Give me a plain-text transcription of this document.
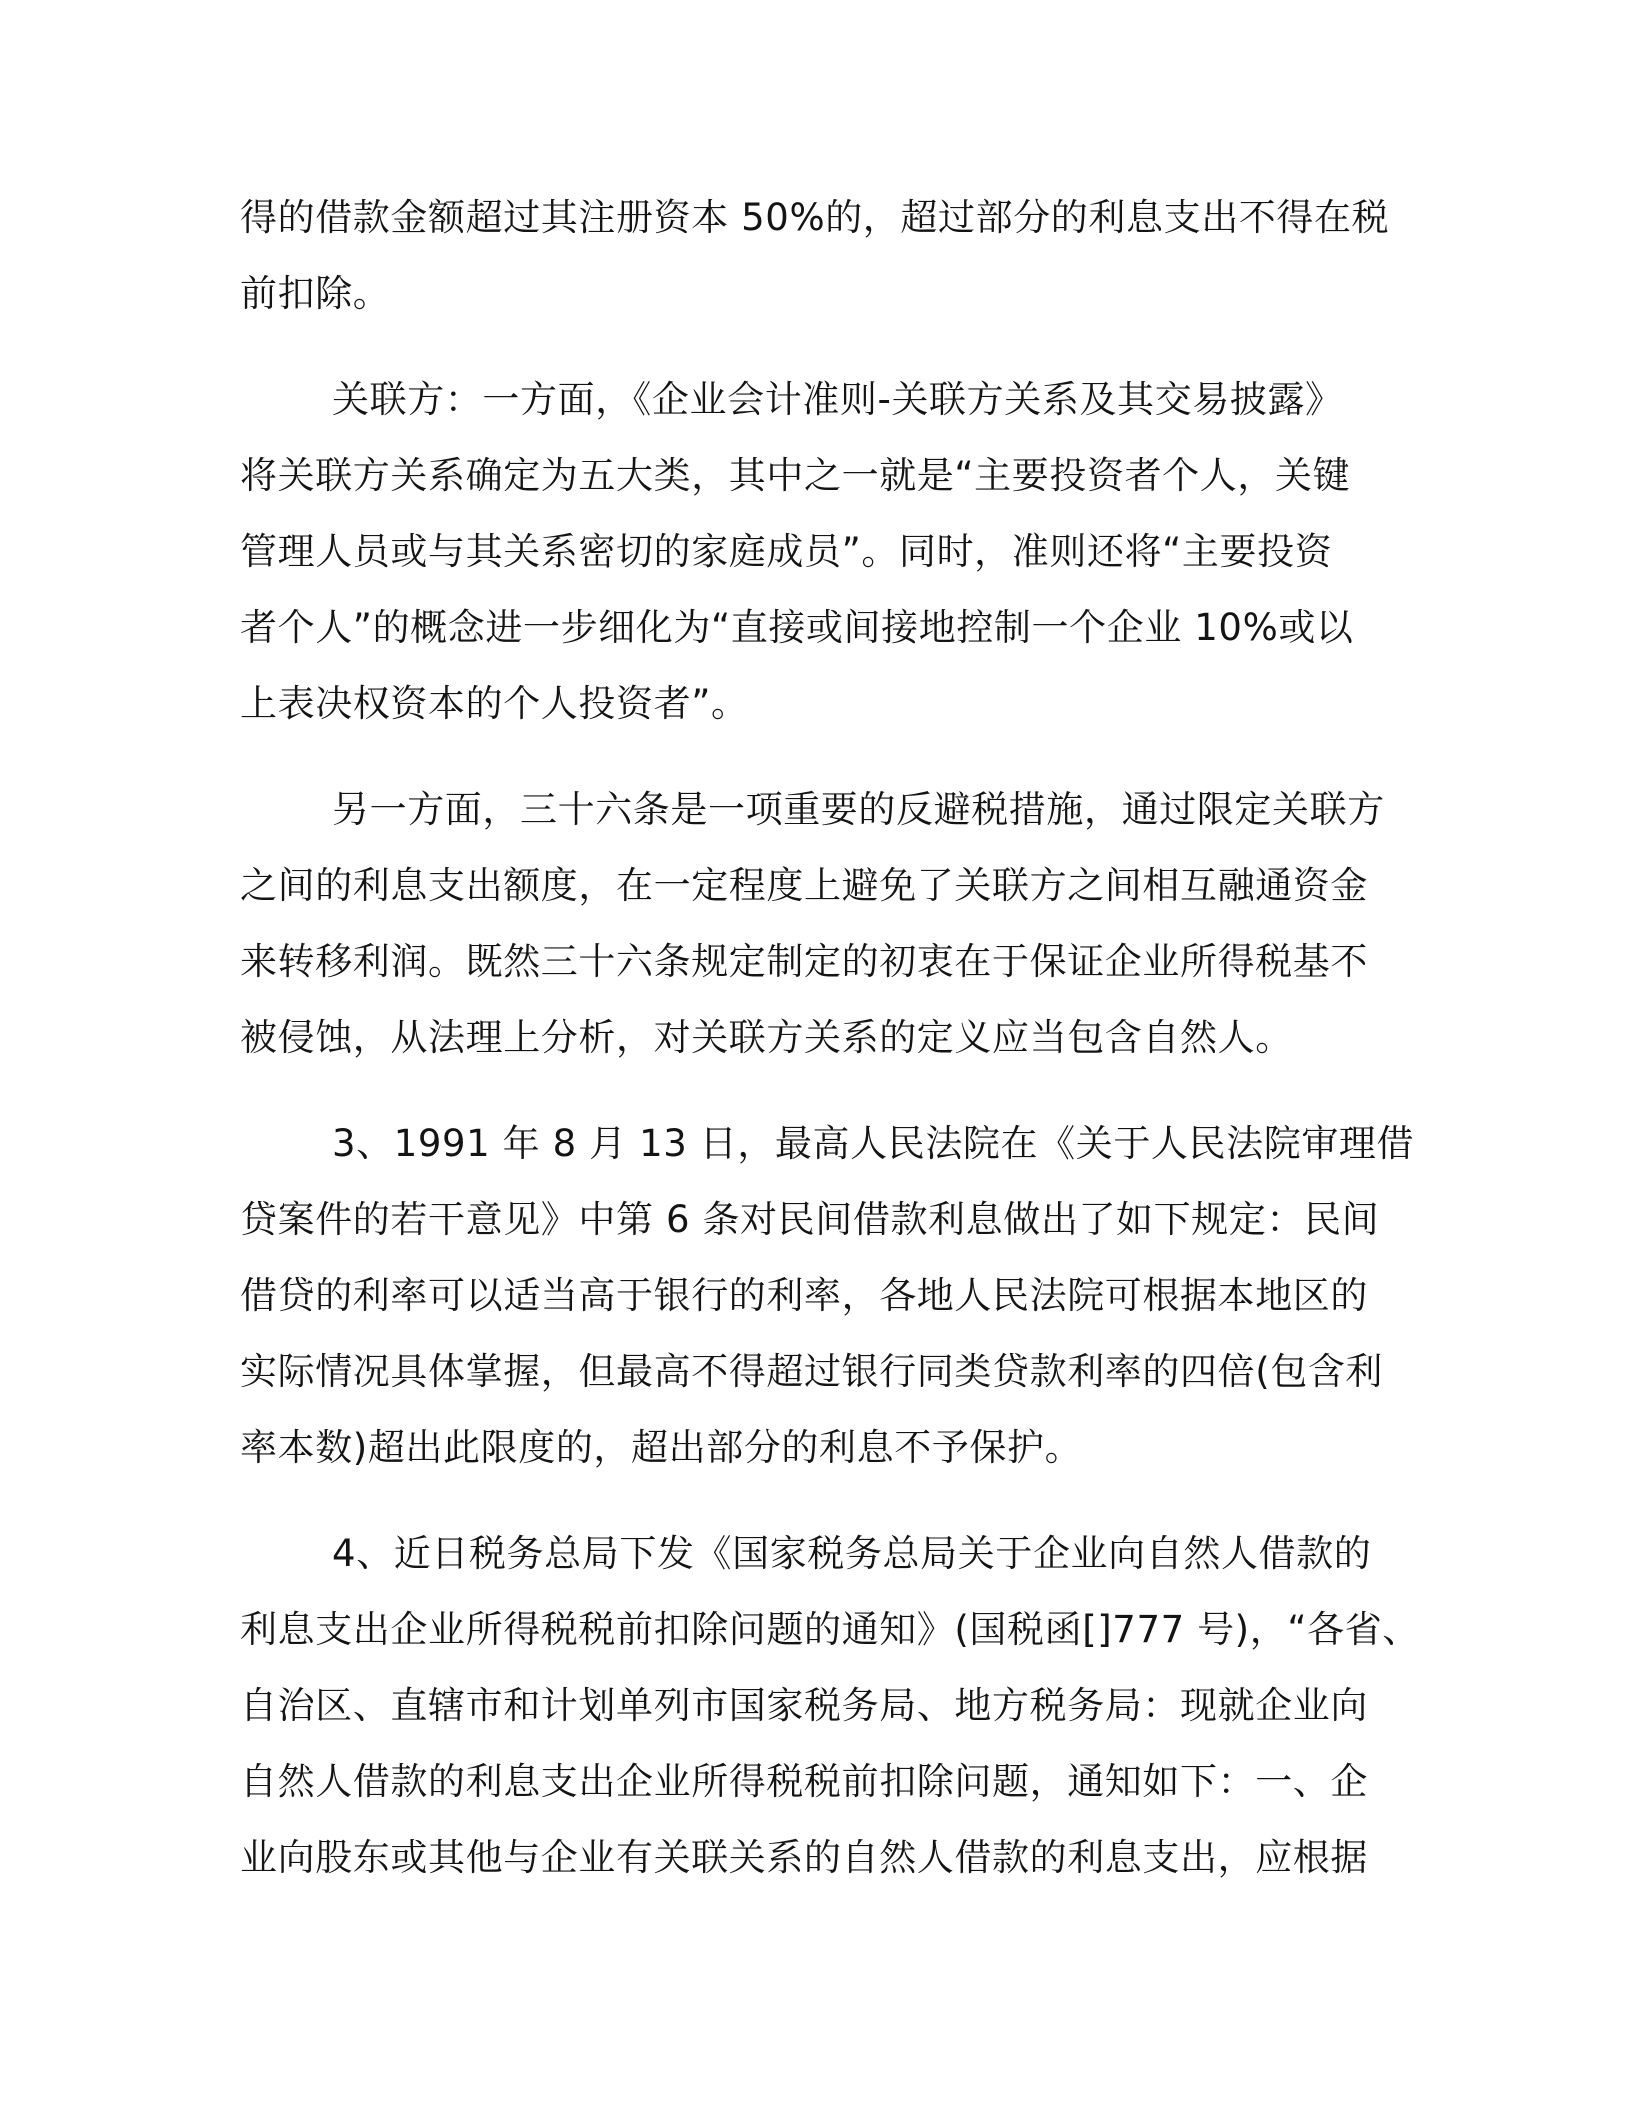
得的借款金额超过其注册资本 50%的，超过部分的利息支出不得在税
前扣除。
关联方：一方面，《企业会计准则-关联方关系及其交易披露》
将关联方关系确定为五大类，其中之一就是“主要投资者个人，关键
管理人员或与其关系密切的家庭成员”。同时，准则还将“主要投资
者个人”的概念进一步细化为“直接或间接地控制一个企业 10%或以
上表决权资本的个人投资者”。
另一方面，三十六条是一项重要的反避税措施，通过限定关联方
之间的利息支出额度，在一定程度上避免了关联方之间相互融通资金
来转移利润。既然三十六条规定制定的初衷在于保证企业所得税基不
被侵蚀，从法理上分析，对关联方关系的定义应当包含自然人。
3、1991 年 8 月 13 日，最高人民法院在《关于人民法院审理借
贷案件的若干意见》中第 6 条对民间借款利息做出了如下规定：民间
借贷的利率可以适当高于银行的利率，各地人民法院可根据本地区的
实际情况具体掌握，但最高不得超过银行同类贷款利率的四倍(包含利
率本数)超出此限度的，超出部分的利息不予保护。
4、近日税务总局下发《国家税务总局关于企业向自然人借款的
利息支出企业所得税税前扣除问题的通知》(国税函[]777 号)，“各省、
自治区、直辖市和计划单列市国家税务局、地方税务局：现就企业向
自然人借款的利息支出企业所得税税前扣除问题，通知如下：一、企
业向股东或其他与企业有关联关系的自然人借款的利息支出，应根据
